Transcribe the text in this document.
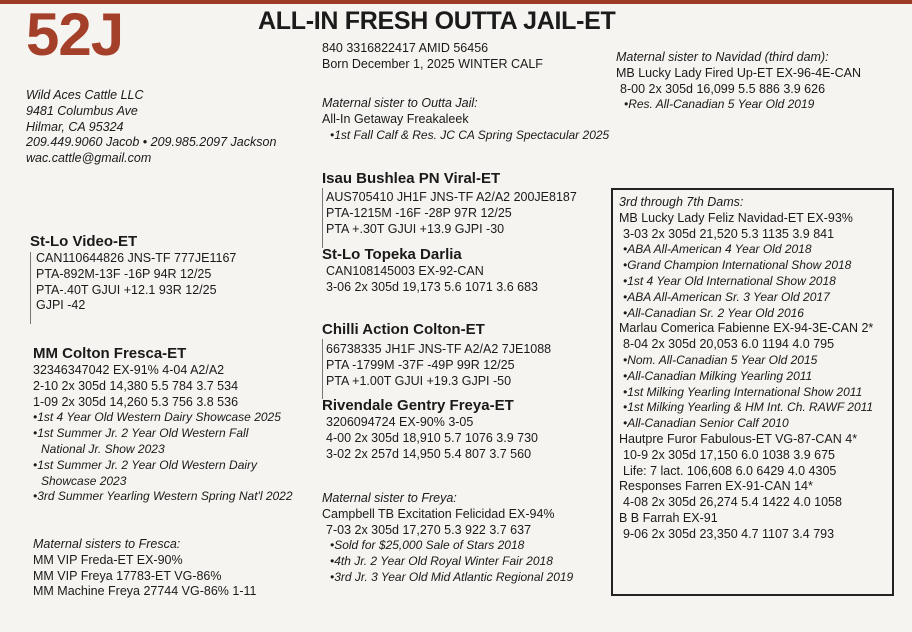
52J	ALL-IN FRESH OUTTA JAIL-ET
Wild Aces Cattle LLC
9481 Columbus Ave
Hilmar, CA 95324
209.449.9060 Jacob • 209.985.2097 Jackson
wac.cattle@gmail.com
840 3316822417 AMID 56456
Born December 1, 2025 WINTER CALF
Maternal sister to Outta Jail:
All-In Getaway Freakaleek
•1st Fall Calf & Res. JC CA Spring Spectacular 2025
St-Lo Video-ET
CAN110644826 JNS-TF 777JE1167
PTA-892M-13F -16P 94R 12/25
PTA-.40T GJUI +12.1 93R 12/25
GJPI -42
MM Colton Fresca-ET
32346347042 EX-91% 4-04 A2/A2
2-10 2x 305d 14,380 5.5 784 3.7 534
1-09 2x 305d 14,260 5.3 756 3.8 536
•1st 4 Year Old Western Dairy Showcase 2025
•1st Summer Jr. 2 Year Old Western Fall
National Jr. Show 2023
•1st Summer Jr. 2 Year Old Western Dairy
Showcase 2023
•3rd Summer Yearling Western Spring Nat'l 2022
Maternal sisters to Fresca:
MM VIP Freda-ET EX-90%
MM VIP Freya 17783-ET VG-86%
MM Machine Freya 27744 VG-86% 1-11
Isau Bushlea PN Viral-ET
AUS705410 JH1F JNS-TF A2/A2 200JE8187
PTA-1215M -16F -28P 97R 12/25
PTA +.30T GJUI +13.9 GJPI -30
St-Lo Topeka Darlia
CAN108145003 EX-92-CAN
3-06 2x 305d 19,173 5.6 1071 3.6 683
Chilli Action Colton-ET
66738335 JH1F JNS-TF A2/A2 7JE1088
PTA -1799M -37F -49P 99R 12/25
PTA +1.00T GJUI +19.3 GJPI -50
Rivendale Gentry Freya-ET
3206094724 EX-90% 3-05
4-00 2x 305d 18,910 5.7 1076 3.9 730
3-02 2x 257d 14,950 5.4 807 3.7 560
Maternal sister to Freya:
Campbell TB Excitation Felicidad EX-94%
7-03 2x 305d 17,270 5.3 922 3.7 637
•Sold for $25,000 Sale of Stars 2018
•4th Jr. 2 Year Old Royal Winter Fair 2018
•3rd Jr. 3 Year Old Mid Atlantic Regional 2019
Maternal sister to Navidad (third dam):
MB Lucky Lady Fired Up-ET EX-96-4E-CAN
8-00 2x 305d 16,099 5.5 886 3.9 626
•Res. All-Canadian 5 Year Old 2019
3rd through 7th Dams:
MB Lucky Lady Feliz Navidad-ET EX-93%
3-03 2x 305d 21,520 5.3 1135 3.9 841
•ABA All-American 4 Year Old 2018
•Grand Champion International Show 2018
•1st 4 Year Old International Show 2018
•ABA All-American Sr. 3 Year Old 2017
•All-Canadian Sr. 2 Year Old 2016
Marlau Comerica Fabienne EX-94-3E-CAN 2*
8-04 2x 305d 20,053 6.0 1194 4.0 795
•Nom. All-Canadian 5 Year Old 2015
•All-Canadian Milking Yearling 2011
•1st Milking Yearling International Show 2011
•1st Milking Yearling & HM Int. Ch. RAWF 2011
•All-Canadian Senior Calf 2010
Hautpre Furor Fabulous-ET VG-87-CAN 4*
10-9 2x 305d 17,150 6.0 1038 3.9 675
Life: 7 lact. 106,608 6.0 6429 4.0 4305
Responses Farren EX-91-CAN 14*
4-08 2x 305d 26,274 5.4 1422 4.0 1058
B B Farrah EX-91
9-06 2x 305d 23,350 4.7 1107 3.4 793
